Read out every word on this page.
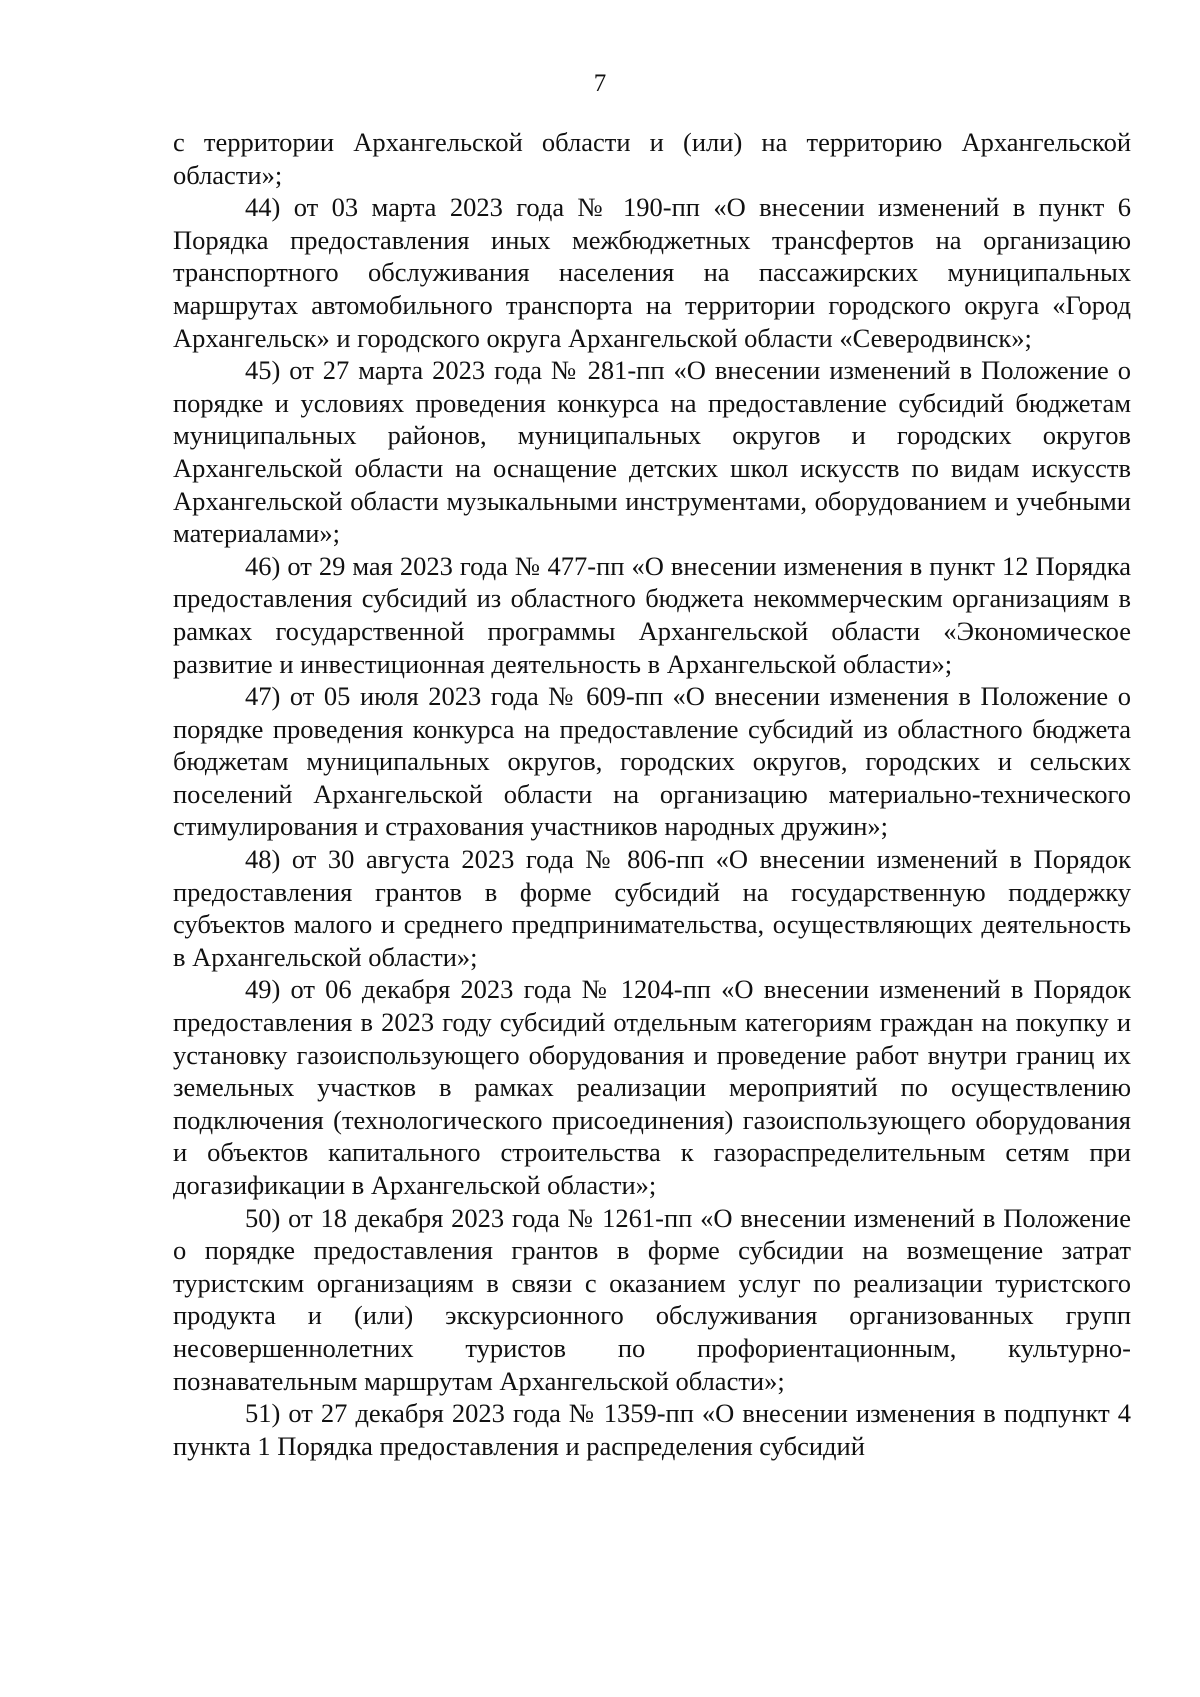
7

с территории Архангельской области и (или) на территорию Архангельской области»;

44) от 03 марта 2023 года № 190-пп «О внесении изменений в пункт 6 Порядка предоставления иных межбюджетных трансфертов на организацию транспортного обслуживания населения на пассажирских муниципальных маршрутах автомобильного транспорта на территории городского округа «Город Архангельск» и городского округа Архангельской области «Северодвинск»;

45) от 27 марта 2023 года № 281-пп «О внесении изменений в Положение о порядке и условиях проведения конкурса на предоставление субсидий бюджетам муниципальных районов, муниципальных округов и городских округов Архангельской области на оснащение детских школ искусств по видам искусств Архангельской области музыкальными инструментами, оборудованием и учебными материалами»;

46) от 29 мая 2023 года № 477-пп «О внесении изменения в пункт 12 Порядка предоставления субсидий из областного бюджета некоммерческим организациям в рамках государственной программы Архангельской области «Экономическое развитие и инвестиционная деятельность в Архангельской области»;

47) от 05 июля 2023 года № 609-пп «О внесении изменения в Положение о порядке проведения конкурса на предоставление субсидий из областного бюджета бюджетам муниципальных округов, городских округов, городских и сельских поселений Архангельской области на организацию материально-технического стимулирования и страхования участников народных дружин»;

48) от 30 августа 2023 года № 806-пп «О внесении изменений в Порядок предоставления грантов в форме субсидий на государственную поддержку субъектов малого и среднего предпринимательства, осуществляющих деятельность в Архангельской области»;

49) от 06 декабря 2023 года № 1204-пп «О внесении изменений в Порядок предоставления в 2023 году субсидий отдельным категориям граждан на покупку и установку газоиспользующего оборудования и проведение работ внутри границ их земельных участков в рамках реализации мероприятий по осуществлению подключения (технологического присоединения) газоиспользующего оборудования и объектов капитального строительства к газораспределительным сетям при догазификации в Архангельской области»;

50) от 18 декабря 2023 года № 1261-пп «О внесении изменений в Положение о порядке предоставления грантов в форме субсидии на возмещение затрат туристским организациям в связи с оказанием услуг по реализации туристского продукта и (или) экскурсионного обслуживания организованных групп несовершеннолетних туристов по профориентационным, культурно-познавательным маршрутам Архангельской области»;

51) от 27 декабря 2023 года № 1359-пп «О внесении изменения в подпункт 4 пункта 1 Порядка предоставления и распределения субсидий
